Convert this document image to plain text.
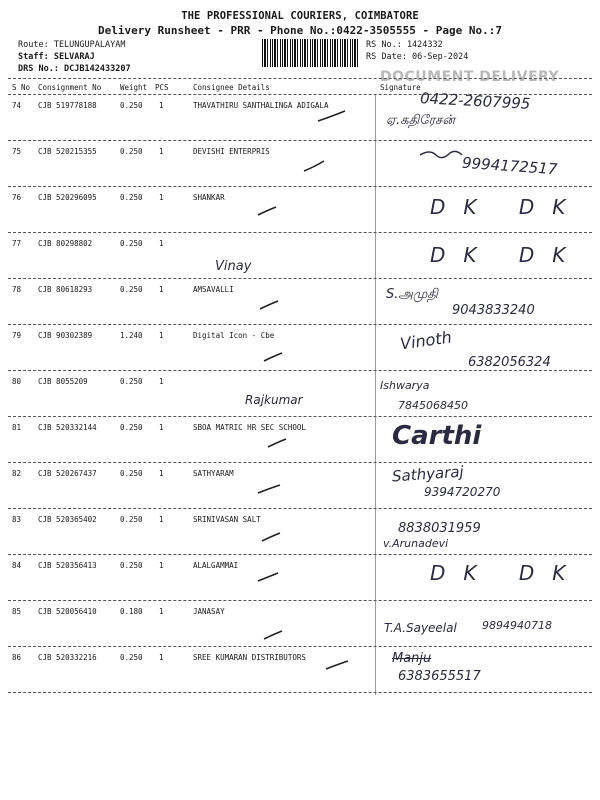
THE PROFESSIONAL COURIERS, COIMBATORE
Delivery Runsheet - PRR - Phone No.:0422-3505555 - Page No.:7
Route: TELUNGUPALAYAM
Staff: SELVARAJ
DRS No.: DCJB142433207
RS No.: 1424332
RS Date: 06-Sep-2024
DOCUMENT DELIVERY
S No Consignment No	Weight PCS	Consignee Details	Signature
74 CJB 519778188	0.250 1	THAVATHIRU SANTHALINGA ADIGALA	0422-2607995
ஏ.கதிரேசன்
75 CJB 520215355	0.250 1	DEVISHI ENTERPRIS
9994172517
76 CJB 520296095	0.250 1	SHANKAR	DK DK
77 CJB 80298802	0.250 1
Vinay	DK DK
78 CJB 80618293	0.250 1	AMSAVALLI	S.அமுதி
9043833240
79 CJB 90302389	1.240 1	Digital Icon - Cbe	Vinoth
6382056324
80 CJB 8055209	0.250 1
Rajkumar
Ishwarya
7845068450
81 CJB 520332144	0.250 1	SBOA MATRIC HR SEC SCHOOL	Carthi
82 CJB 520267437	0.250 1	SATHYARAM	Sathyaraj
9394720270
83 CJB 520365402	0.250 1	SRINIVASAN SALT
8838031959
v.Arunadevi
84 CJB 520356413	0.250 1	ALALGAMMAI	DK DK
85 CJB 520056410	0.180 1	JANASAY
T.A.Sayeelal 9894940718
86 CJB 520332216	0.250 1	SREE KUMARAN DISTRIBUTORS	Manju
6383655517
